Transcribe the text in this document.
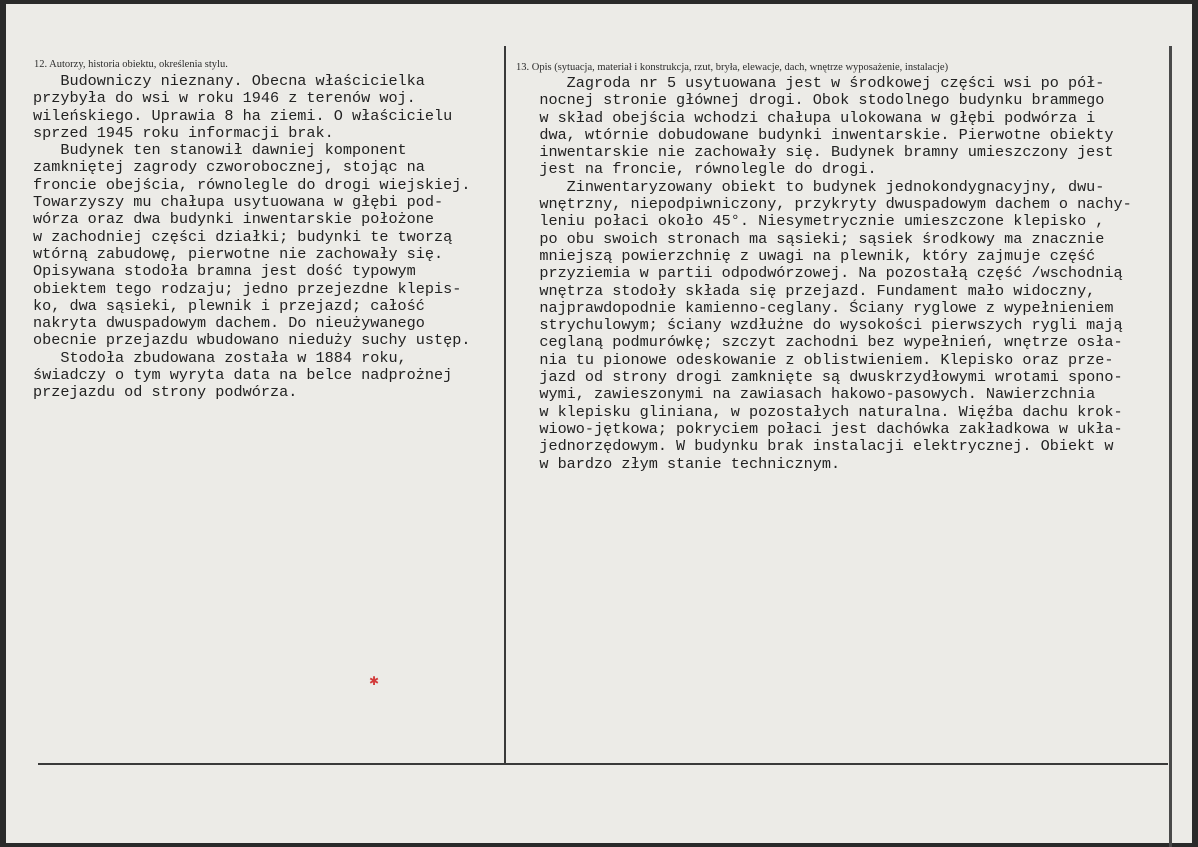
12. Autorzy, historia obiektu, określenia stylu.	13. Opis (sytuacja, materiał i konstrukcja, rzut, bryła, elewacje, dach, wnętrze wyposażenie, instalacje)

✱
Budowniczy nieznany. Obecna właścicielka
przybyła do wsi w roku 1946 z terenów woj.
wileńskiego. Uprawia 8 ha ziemi. O właścicielu
sprzed 1945 roku informacji brak.
Budynek ten stanowił dawniej komponent
zamkniętej zagrody czworobocznej, stojąc na
froncie obejścia, równolegle do drogi wiejskiej.
Towarzyszy mu chałupa usytuowana w głębi pod-
wórza oraz dwa budynki inwentarskie położone
w zachodniej części działki; budynki te tworzą
wtórną zabudowę, pierwotne nie zachowały się.
Opisywana stodoła bramna jest dość typowym
obiektem tego rodzaju; jedno przejezdne klepis-
ko, dwa sąsieki, plewnik i przejazd; całość
nakryta dwuspadowym dachem. Do nieużywanego
obecnie przejazdu wbudowano nieduży suchy ustęp.
Stodoła zbudowana została w 1884 roku,
świadczy o tym wyryta data na belce nadprożnej
przejazdu od strony podwórza.
Zagroda nr 5 usytuowana jest w środkowej części wsi po pół-
nocnej stronie głównej drogi. Obok stodolnego budynku brammego
w skład obejścia wchodzi chałupa ulokowana w głębi podwórza i
dwa, wtórnie dobudowane budynki inwentarskie. Pierwotne obiekty
inwentarskie nie zachowały się. Budynek bramny umieszczony jest
jest na froncie, równolegle do drogi.
Zinwentaryzowany obiekt to budynek jednokondygnacyjny, dwu-
wnętrzny, niepodpiwniczony, przykryty dwuspadowym dachem o nachy-
leniu połaci około 45°. Niesymetrycznie umieszczone klepisko ,
po obu swoich stronach ma sąsieki; sąsiek środkowy ma znacznie
mniejszą powierzchnię z uwagi na plewnik, który zajmuje część
przyziemia w partii odpodwórzowej. Na pozostałą część /wschodnią
wnętrza stodoły składa się przejazd. Fundament mało widoczny,
najprawdopodnie kamienno-ceglany. Ściany ryglowe z wypełnieniem
strychulowym; ściany wzdłużne do wysokości pierwszych rygli mają
ceglaną podmurówkę; szczyt zachodni bez wypełnień, wnętrze osła-
nia tu pionowe odeskowanie z oblistwieniem. Klepisko oraz prze-
jazd od strony drogi zamknięte są dwuskrzydłowymi wrotami spono-
wymi, zawieszonymi na zawiasach hakowo-pasowych. Nawierzchnia
w klepisku gliniana, w pozostałych naturalna. Więźba dachu krok-
wiowo-jętkowa; pokryciem połaci jest dachówka zakładkowa w ukła-
jednorzędowym. W budynku brak instalacji elektrycznej. Obiekt w
w bardzo złym stanie technicznym.
